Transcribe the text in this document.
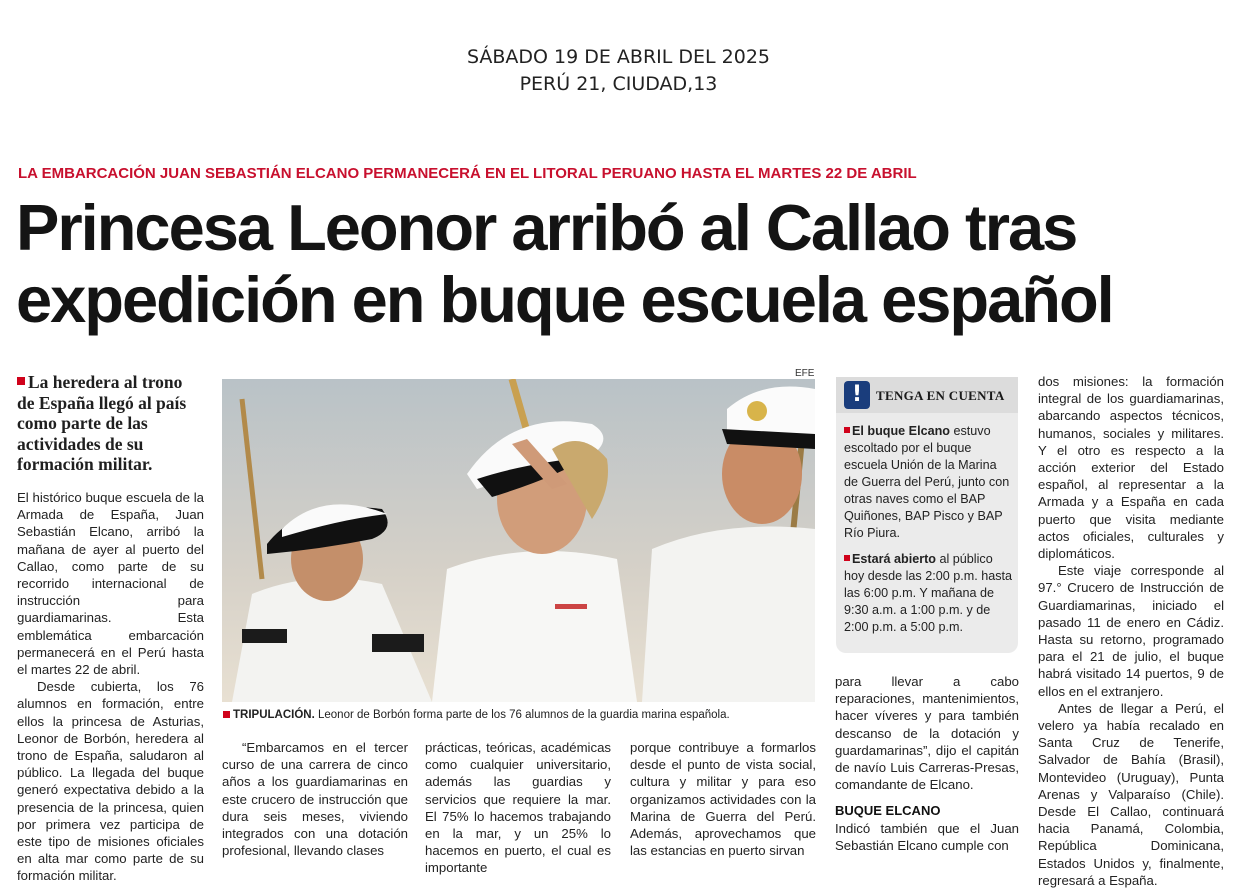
SÁBADO 19 DE ABRIL DEL 2025
PERÚ 21, CIUDAD,13
LA EMBARCACIÓN JUAN SEBASTIÁN ELCANO PERMANECERÁ EN EL LITORAL PERUANO HASTA EL MARTES 22 DE ABRIL
Princesa Leonor arribó al Callao tras
expedición en buque escuela español
La heredera al trono de España llegó al país como parte de las actividades de su formación militar.

El histórico buque escuela de la Armada de España, Juan Sebastián Elcano, arribó la mañana de ayer al puerto del Callao, como parte de su recorrido internacional de instrucción para guardiamarinas. Esta emblemática embarcación permanecerá en el Perú hasta el martes 22 de abril.

Desde cubierta, los 76 alumnos en formación, entre ellos la princesa de Asturias, Leonor de Borbón, heredera al trono de España, saludaron al público. La llegada del buque generó expectativa debido a la presencia de la princesa, quien por primera vez participa de este tipo de misiones oficiales en alta mar como parte de su formación militar.

EFE
TRIPULACIÓN. Leonor de Borbón forma parte de los 76 alumnos de la guardia marina española.

“Embarcamos en el tercer curso de una carrera de cinco años a los guardiamarinas en este crucero de instrucción que dura seis meses, viviendo integrados con una dotación profesional, llevando clases

prácticas, teóricas, académicas como cualquier universitario, además las guardias y servicios que requiere la mar. El 75% lo hacemos trabajando en la mar, y un 25% lo hacemos en puerto, el cual es importante

porque contribuye a formarlos desde el punto de vista social, cultura y militar y para eso organizamos actividades con la Marina de Guerra del Perú. Además, aprovechamos que las estancias en puerto sirvan

!	TENGA EN CUENTA

El buque Elcano estuvo escoltado por el buque escuela Unión de la Marina de Guerra del Perú, junto con otras naves como el BAP Quiñones, BAP Pisco y BAP Río Piura.

Estará abierto al público hoy desde las 2:00 p.m. hasta las 6:00 p.m. Y mañana de 9:30 a.m. a 1:00 p.m. y de 2:00 p.m. a 5:00 p.m.

para llevar a cabo reparaciones, mantenimientos, hacer víveres y para también descanso de la dotación y guardamarinas”, dijo el capitán de navío Luis Carreras-Presas, comandante de Elcano.

BUQUE ELCANO

Indicó también que el Juan Sebastián Elcano cumple con

dos misiones: la formación integral de los guardiamarinas, abarcando aspectos técnicos, humanos, sociales y militares. Y el otro es respecto a la acción exterior del Estado español, al representar a la Armada y a España en cada puerto que visita mediante actos oficiales, culturales y diplomáticos.

Este viaje corresponde al 97.° Crucero de Instrucción de Guardiamarinas, iniciado el pasado 11 de enero en Cádiz. Hasta su retorno, programado para el 21 de julio, el buque habrá visitado 14 puertos, 9 de ellos en el extranjero.

Antes de llegar a Perú, el velero ya había recalado en Santa Cruz de Tenerife, Salvador de Bahía (Brasil), Montevideo (Uruguay), Punta Arenas y Valparaíso (Chile). Desde El Callao, continuará hacia Panamá, Colombia, República Dominicana, Estados Unidos y, finalmente, regresará a España.
